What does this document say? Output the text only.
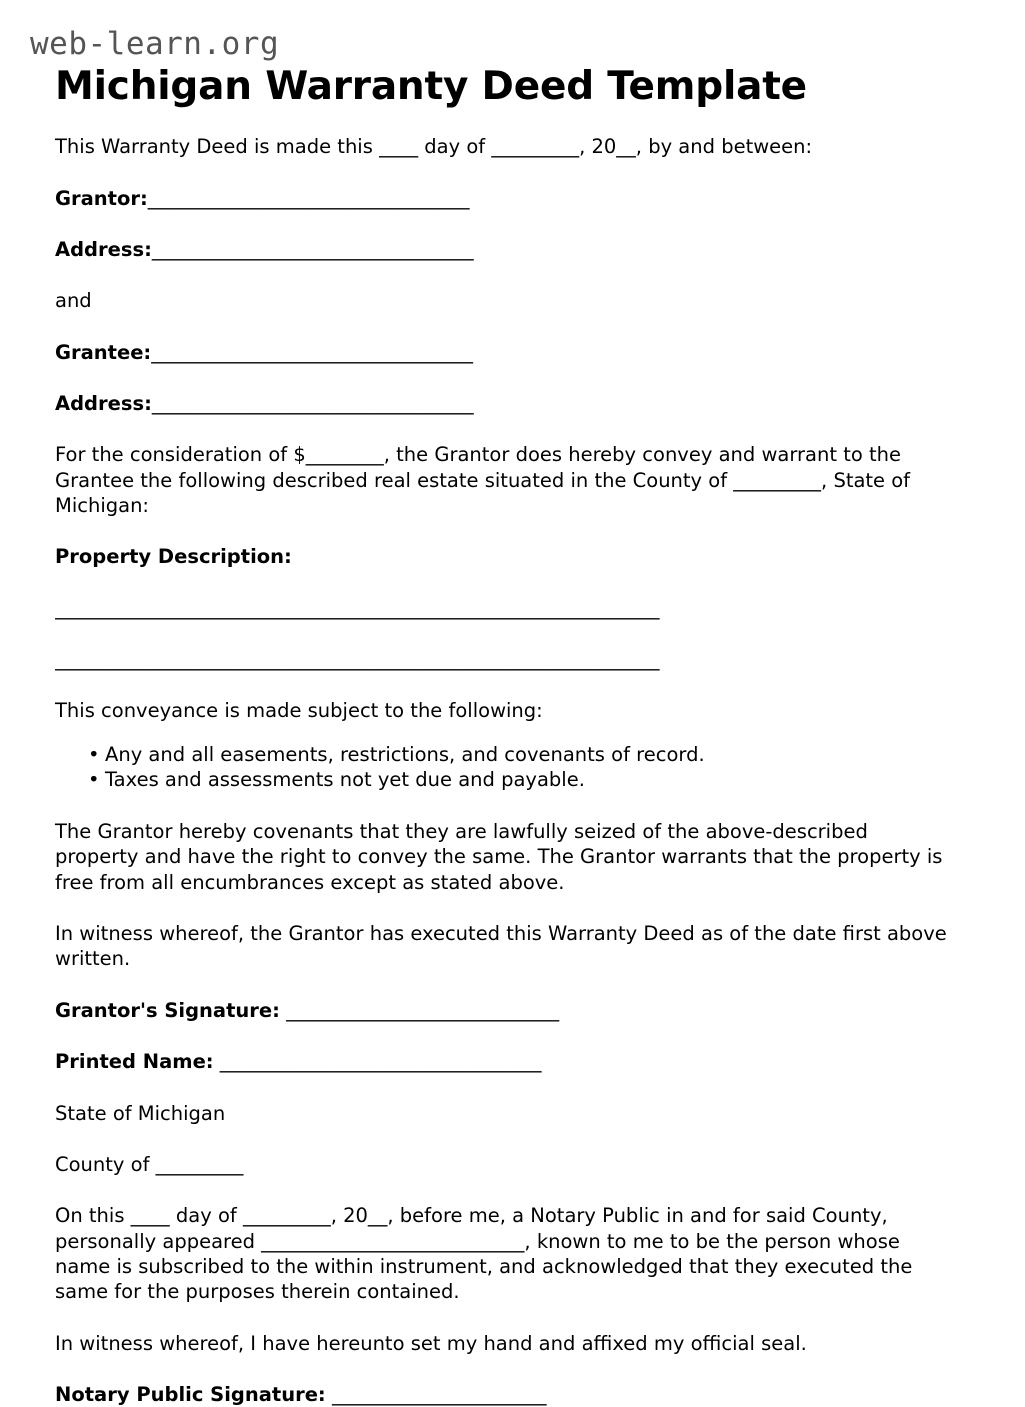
web-learn.org
Michigan Warranty Deed Template

This Warranty Deed is made this ____ day of _________, 20__, by and between:

Grantor:_________________________________
Address:_________________________________

and

Grantee:_________________________________
Address:_________________________________

For the consideration of $________, the Grantor does hereby convey and warrant to the Grantee the following described real estate situated in the County of _________, State of Michigan:

Property Description:
______________________________________________________________
______________________________________________________________

This conveyance is made subject to the following:

• Any and all easements, restrictions, and covenants of record.
• Taxes and assessments not yet due and payable.

The Grantor hereby covenants that they are lawfully seized of the above-described property and have the right to convey the same. The Grantor warrants that the property is free from all encumbrances except as stated above.

In witness whereof, the Grantor has executed this Warranty Deed as of the date first above written.

Grantor's Signature: ____________________________
Printed Name: _________________________________

State of Michigan

County of _________

On this ____ day of _________, 20__, before me, a Notary Public in and for said County, personally appeared ___________________________, known to me to be the person whose name is subscribed to the within instrument, and acknowledged that they executed the same for the purposes therein contained.

In witness whereof, I have hereunto set my hand and affixed my official seal.

Notary Public Signature: ______________________
